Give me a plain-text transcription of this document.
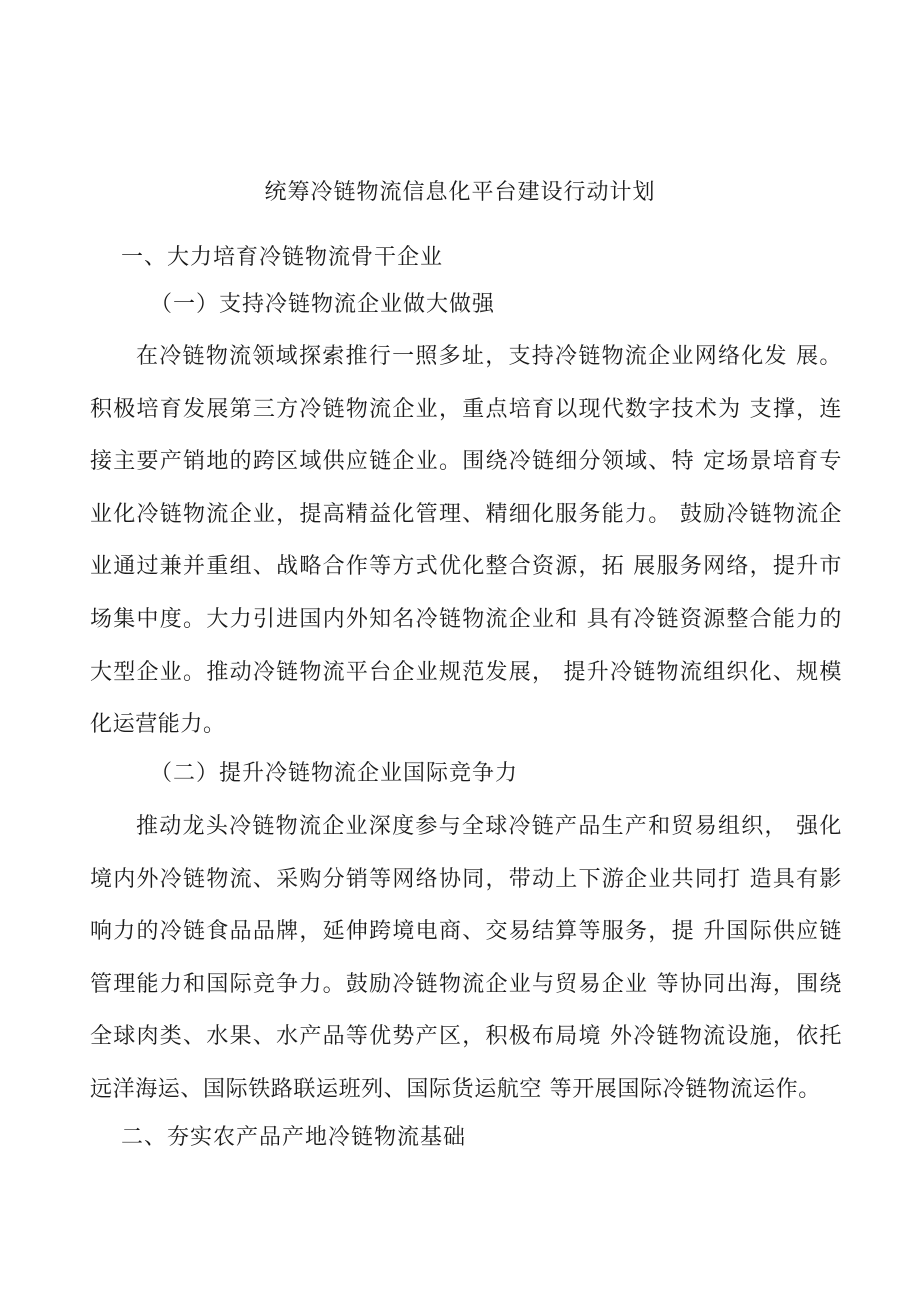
统筹冷链物流信息化平台建设行动计划
一、大力培育冷链物流骨干企业
（一）支持冷链物流企业做大做强

在冷链物流领域探索推行一照多址，支持冷链物流企业网络化发 展。积极培育发展第三方冷链物流企业，重点培育以现代数字技术为 支撑，连接主要产销地的跨区域供应链企业。围绕冷链细分领域、特 定场景培育专业化冷链物流企业，提高精益化管理、精细化服务能力。 鼓励冷链物流企业通过兼并重组、战略合作等方式优化整合资源，拓 展服务网络，提升市场集中度。大力引进国内外知名冷链物流企业和 具有冷链资源整合能力的大型企业。推动冷链物流平台企业规范发展， 提升冷链物流组织化、规模化运营能力。

（二）提升冷链物流企业国际竞争力

推动龙头冷链物流企业深度参与全球冷链产品生产和贸易组织， 强化境内外冷链物流、采购分销等网络协同，带动上下游企业共同打 造具有影响力的冷链食品品牌，延伸跨境电商、交易结算等服务，提 升国际供应链管理能力和国际竞争力。鼓励冷链物流企业与贸易企业 等协同出海，围绕全球肉类、水果、水产品等优势产区，积极布局境 外冷链物流设施，依托远洋海运、国际铁路联运班列、国际货运航空 等开展国际冷链物流运作。

二、夯实农产品产地冷链物流基础
